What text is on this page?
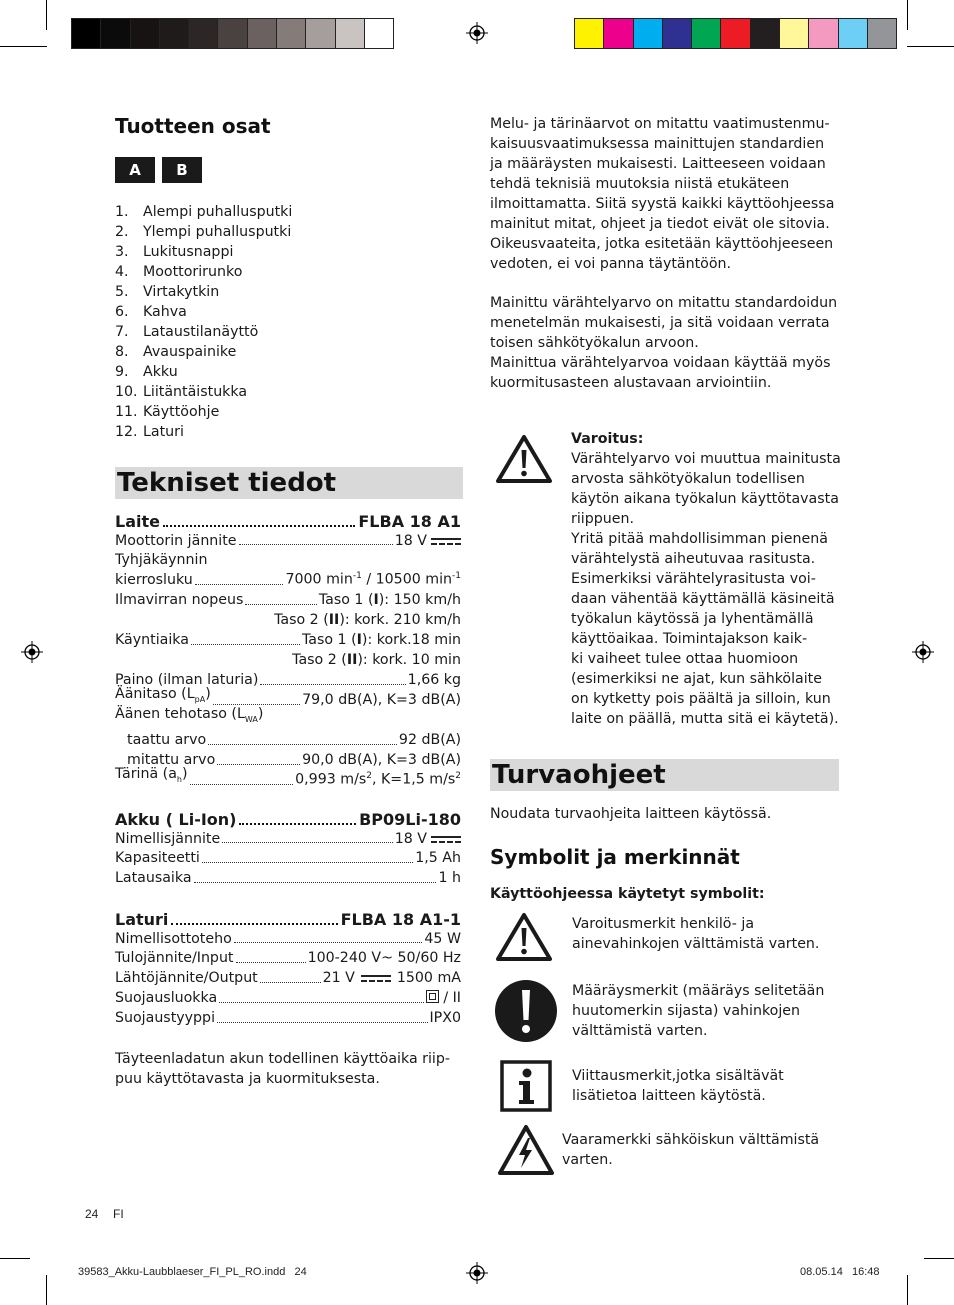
Tuotteen osat
A	B
1.	Alempi puhallusputki
2.	Ylempi puhallusputki
3.	Lukitusnappi
4.	Moottorirunko
5.	Virtakytkin
6.	Kahva
7.	Lataustilanäyttö
8.	Avauspainike
9.	Akku
10. Liitäntäistukka
11. Käyttöohje
12. Laturi
Tekniset tiedot
Laite	FLBA 18 A1
Moottorin jännite	18 V
Tyhjäkäynnin
kierrosluku	7000 $\min^{-1} / 10500$ $\min^{-1}$
Ilmavirran nopeus	Taso 1 (I): 150 km/h
Taso 2 ( II ): kork. 210 km/h
Käyntiaika	Taso 1 (I): kork.18 min
Taso 2 ( II ): kork. 10 min
Paino (ilman laturia)	1,66 kg
Äänitaso $(L_{pA})$	79,0 dB(A), K=3 dB(A)
Äänen tehotaso $(L_{WA})$
taattu arvo	92 dB(A)
mitattu arvo	90,0 dB(A), K=3 dB(A)
Tärinä $(a_h)$	0,993 $m/s^2$, K=1,5 $m/s^2$
Akku ( Li-Ion)	BP09Li-180
Nimellisjännite	18 V
Kapasiteetti	1,5 Ah
Latausaika	1 h
Laturi	FLBA 18 A1-1
Nimellisottoteho	45 W
Tulojännite/Input	100-240 V~ 50/60 Hz
Lähtöjännite/Output	21 V	1500 mA
Suojausluokka	/ II
Suojaustyyppi	IPX0
Täyteenladatun akun todellinen käyttöaika riip-
puu käyttötavasta ja kuormituksesta.
Melu- ja tärinäarvot on mitattu vaatimustenmu-
kaisuusvaatimuksessa mainittujen standardien
ja määräysten mukaisesti. Laitteeseen voidaan
tehdä teknisiä muutoksia niistä etukäteen
ilmoittamatta. Siitä syystä kaikki käyttöohjeessa
mainitut mitat, ohjeet ja tiedot eivät ole sitovia.
Oikeusvaateita, jotka esitetään käyttöohjeeseen
vedoten, ei voi panna täytäntöön.
Mainittu värähtelyarvo on mitattu standardoidun
menetelmän mukaisesti, ja sitä voidaan verrata
toisen sähkötyökalun arvoon.
Mainittua värähtelyarvoa voidaan käyttää myös
kuormitusasteen alustavaan arviointiin.
Varoitus:
Värähtelyarvo voi muuttua mainitusta
arvosta sähkötyökalun todellisen
käytön aikana työkalun käyttötavasta
riippuen.
Yritä pitää mahdollisimman pienenä
värähtelystä aiheutuvaa rasitusta.
Esimerkiksi värähtelyrasitusta voi-
daan vähentää käyttämällä käsineitä
työkalun käytössä ja lyhentämällä
käyttöaikaa. Toimintajakson kaik-
ki vaiheet tulee ottaa huomioon
(esimerkiksi ne ajat, kun sähkölaite
on kytketty pois päältä ja silloin, kun
laite on päällä, mutta sitä ei käytetä).
Turvaohjeet
Noudata turvaohjeita laitteen käytössä.
Symbolit ja merkinnät
Käyttöohjeessa käytetyt symbolit:
Varoitusmerkit henkilö- ja
ainevahinkojen välttämistä varten.
Määräysmerkit (määräys selitetään
huutomerkin sijasta) vahinkojen
välttämistä varten.
Viittausmerkit,jotka sisältävät
lisätietoa laitteen käytöstä.
Vaaramerkki sähköiskun välttämistä
varten.
24 FI
39583_Akku-Laubblaeser_FI_PL_RO.indd   24	08.05.14   16:48
